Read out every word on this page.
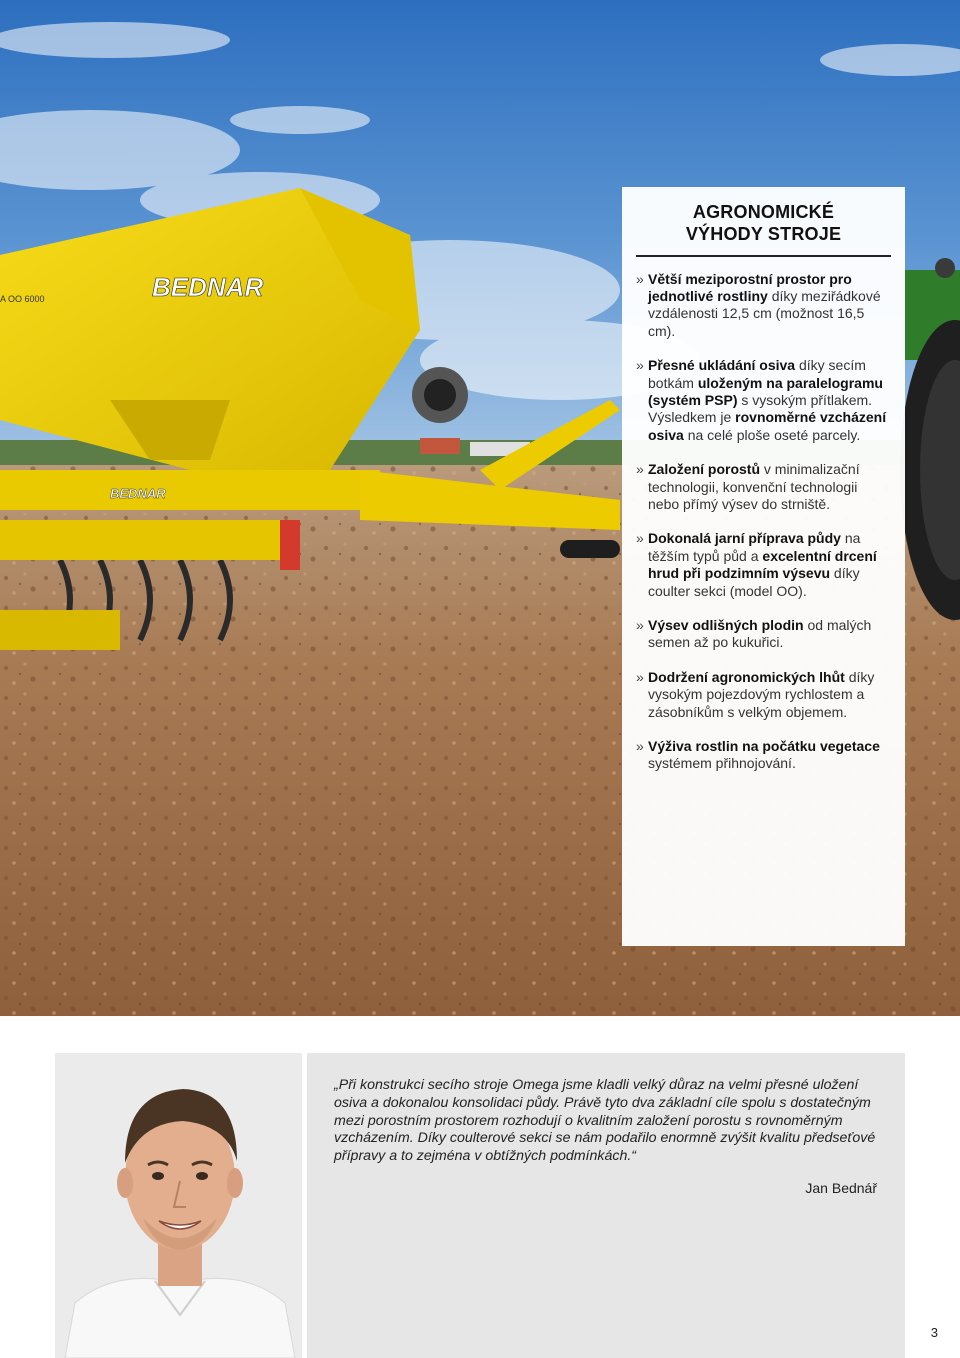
BEDNAR
A OO 6000
BEDNAR
AGRONOMICKÉ
VÝHODY STROJE
» Větší meziporostní prostor pro jednotlivé rostliny díky meziřádkové vzdálenosti 12,5 cm (možnost 16,5 cm).
» Přesné ukládání osiva díky secím botkám uloženým na paralelogramu (systém PSP) s vysokým přítlakem. Výsledkem je rovnoměrné vzcházení osiva na celé ploše oseté parcely.
» Založení porostů v minimalizační technologii, konvenční technologii nebo přímý výsev do strniště.
» Dokonalá jarní příprava půdy na těžším typů půd a excelentní drcení hrud při podzimním výsevu díky coulter sekci (model OO).
» Výsev odlišných plodin od malých semen až po kukuřici.
» Dodržení agronomických lhůt díky vysokým pojezdovým rychlostem a zásobníkům s velkým objemem.
» Výživa rostlin na počátku vegetace systémem přihnojování.

„Při konstrukci secího stroje Omega jsme kladli velký důraz na velmi přesné uložení osiva a dokonalou konsolidaci půdy. Právě tyto dva základní cíle spolu s dostatečným mezi porostním prostorem rozhodují o kvalitním založení porostu s rovnoměrným vzcházením. Díky coulterové sekci se nám podařilo enormně zvýšit kvalitu předseťové přípravy a to zejména v obtížných podmínkách.“

Jan Bednář

3
